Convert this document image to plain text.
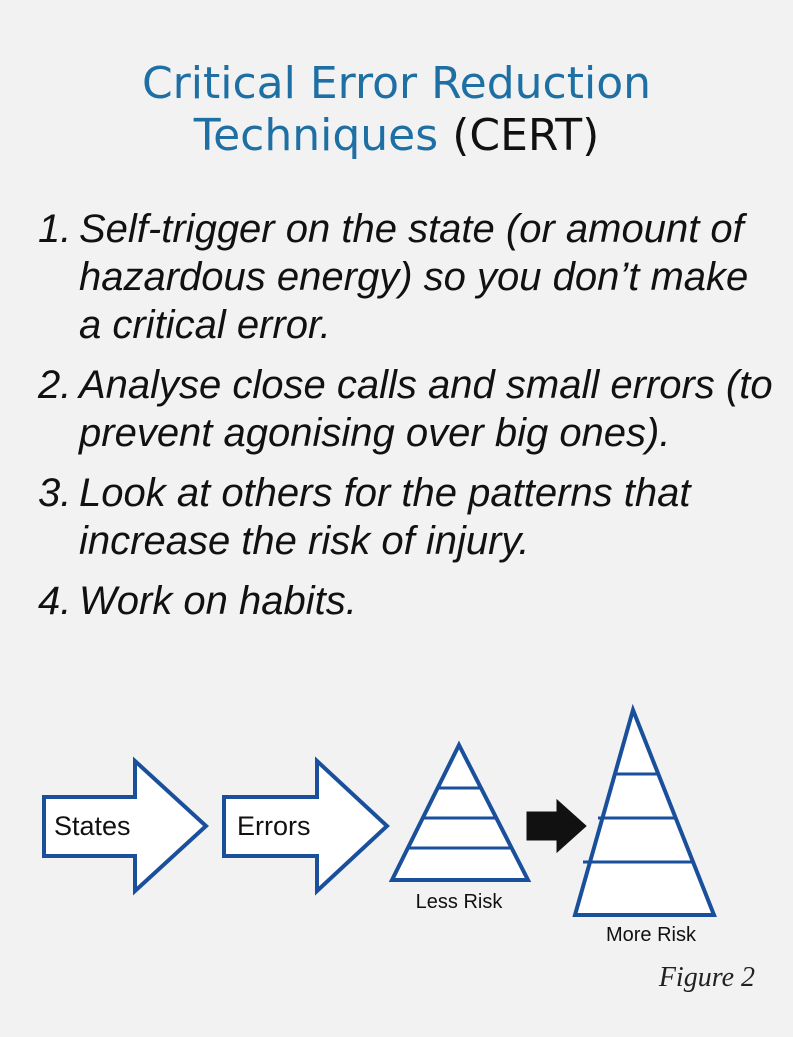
Critical Error Reduction
Techniques (CERT)
1. Self-trigger on the state (or amount of hazardous energy) so you don’t make a critical error.
2. Analyse close calls and small errors (to prevent agonising over big ones).
3. Look at others for the patterns that increase the risk of injury.
4. Work on habits.
States	Errors
Less Risk
More Risk
Figure 2
